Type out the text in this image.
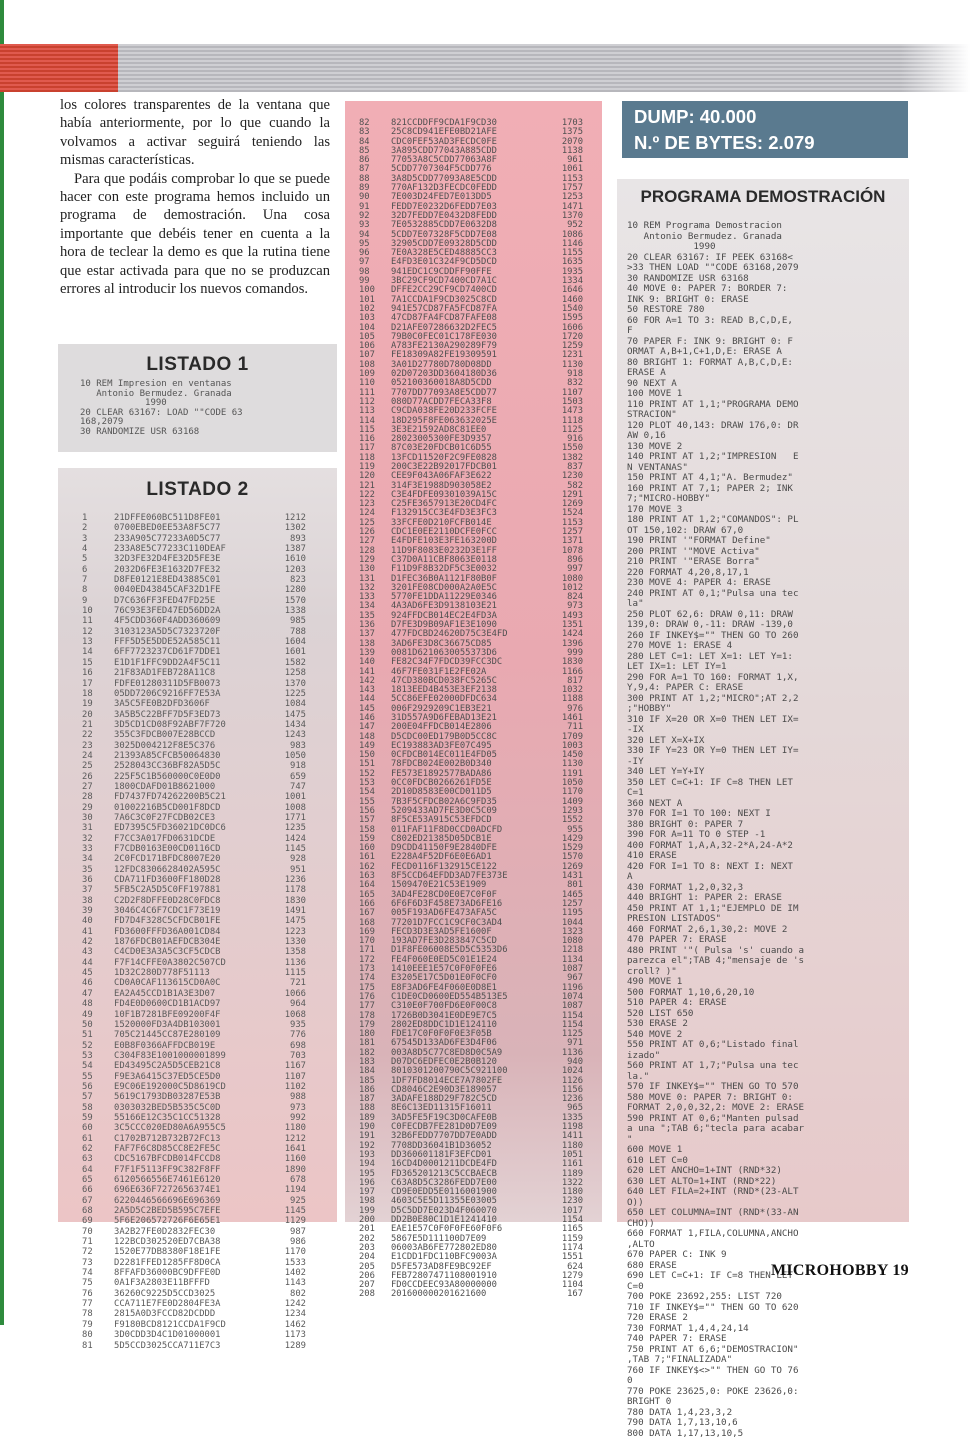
los colores transparentes de la ventana que había anteriormente, por lo que cuando la volvamos a activar seguirá teniendo las mismas características.

Para que podáis comprobar lo que se puede hacer con este programa hemos incluido un programa de demostración. Una cosa importante que debéis tener en cuenta a la hora de teclear la demo es que la rutina tiene que estar activada para que no se produzcan errores al introducir los nuevos comandos.

LISTADO 1
10 REM Impresion en ventanas
Antonio Bermudez. Granada
1990
20 CLEAR 63167: LOAD ""CODE 63
168,2079
30 RANDOMIZE USR 63168
LISTADO 2
1	21DFFE060BC511D8FE01	1212
2	0700EBED0EE53A8F5C77	1302
3	233A905C77233A0D5C77	893
4	233A8E5C77233C110DEAF	1387
5	32D3FE32D4FE32D5FE3E	1610
6	2032D6FE3E1632D7FE32	1203
7	D8FE0121E8ED43885C01	823
8	0040ED43845CAF32D1FE	1280
9	D7C636FF3FED47FD25E	1570
10	76C93E3FED47ED56DD2A	1338
11	4F5CDD360F4ADD360609	985
12	3103123A5D5C7323720F	788
13	FFF5D5E5DDE52A585C11	1604
14	6FF7723237CD61F7DDE1	1601
15	E1D1F1FFC9DD2A4F5C11	1582
16	21F83AD1FEB728A11C8	1258
17	FDFE01280311D5FB0073	1370
18	05DD7206C9216FF7E53A	1225
19	3A5C5FE0B2DFD3606F	1084
20	3A5B5C22BFF7D5F3ED73	1475
21	3D5CD1CD08F92ABF7F720	1434
22	355C3FDCB007E28BCCD	1243
23	3025D004212F8E5C376	983
24	21393A85CFCB50064830	1050
25	2528043CC36BF82A5D5C	918
26	225F5C1B560000C0E0D0	659
27	1800CDAFD01B8621000	747
28	FD7437FD74262200B5C21	1001
29	01002216B5CD001F8DCD	1008
30	7A6C3C0F27FCDB02CE3	1771
31	ED7395C5FD36021DC0DC6	1235
32	F7CC3A017FD0631DCDE	1424
33	F7CDB0163E00CD0116CD	1145
34	2C0FCD171BFDC8007E20	928
35	12FDC8306628402A595C	951
36	CDA711FD3600FF180D28	1236
37	5FB5C2A5D5C0FF197881	1178
38	C2D2F8DFFE0D28C0FDC8	1830
39	3046C4C6F7CDC1F73E19	1491
40	FD7D4F328C5CFDCB01FE	1475
41	FD3600FFFD36A001CD84	1223
42	1876FDCB01AEFDCB304E	1330
43	C4CD0E3A3A5C3CF5CDCB	1358
44	F7F14CFFE0A3802C507CD	1136
45	1D32C280D778F51113	1115
46	CD0A0CAF113615CD0A0C	721
47	EA2A45CCD1B1A3E3D07	1066
48	FD4E0D0600CD1B1ACD97	964
49	10F1B7281BFE09200F4F	1068
50	1520000FD3A4DB103001	935
51	705C21445CC87E280109	776
52	E0B8F0366AFFDCB019E	698
53	C304F83E1001000001899	703
54	ED43495C2A5D5CEB21C8	1167
55	F9E3A6415C37ED5CE5D0	1107
56	E9C06E192000C5D8619CD	1102
57	5619C1793DB03287E53B	988
58	0303032BED5B535C5C0D	973
59	55166E12C35C1CC51328	992
60	3C5CCC020ED80A6A955C5	1180
61	C1702B712B732B72FC13	1212
62	FAF7F6C8D85CC8E2FE5C	1641
63	CDC5167BFCDB014FCCD8	1160
64	F7F1F5113FF9C382F8FF	1890
65	6120566556E7461E6120	678
66	696E636F7272656374E1	1194
67	6220446566696E696369	925
68	2A5D5C2BED5B595C7EFE	1145
69	5F6E206572726F6E65E1	1129
70	3A2B27FE0D2832FEC30	987
71	122BCD302520ED7CBA38	986
72	1520E77DB8380F18E1FE	1170
73	D2281FFED1285FF8D0CA	1533
74	8FFAFD36000BC9DFFE0D	1402
75	0A1F3A2803E11BFFFD	1143
76	36260C9225D5CCD3025	802
77	CCA711E7FE0D2804FE3A	1242
78	2815A0D3FCCD82DCDDD	1234
79	F9180BCD8121CCDA1F9CD	1462
80	3D0CDD3D4C1D01000001	1173
81	5D5CCD3025CCA711E7C3	1289
82	821CCDDFF9CDA1F9CD30	1703
83	25C8CD941EFE0BD21AFE	1375
84	CDC0FEF53AD3FECDC0FE	2070
85	3A895CDD77043A885CDD	1138
86	77053A8C5CDD77063A8F	961
87	5CDD7707304F5CDD776	1061
88	3A8D5CDD77093A8E5CDD	1153
89	770AF132D3FECDC0FEDD	1757
90	7E003D24FED7E013DD5	1253
91	FEDD7E0232D6FEDD7E03	1471
92	32D7FEDD7E0432D8FEDD	1370
93	7E0532885CDD7E0632D8	952
94	5CDD7E07328F5CDD7E08	1086
95	32905CDD7E09328D5CDD	1146
96	7E0A328E5CED48885CC3	1155
97	E4FD3E01C324F9CD5DCD	1635
98	941EDC1C9CDDFF90FFE	1935
99	3BC29CF9CD7400CD7A1C	1334
100	DFFE2CC29CF9CD7400CD	1646
101	7A1CCDA1F9CD3025C8CD	1460
102	941E57CD87FA5FCD87FA	1540
103	47CD87FA4FCD87FAFE08	1595
104	D21AFE07286632D2FEC5	1606
105	79B0C0FEC01C178FE030	1720
106	A783FE2130A290289F79	1259
107	FE18309A82FE19309591	1231
108	3A01D27780D780D08DD	1130
109	02D07203DD3604180D36	918
110	052100360018A8D5CDD	832
111	7707DD77093A8E5CDD77	1107
112	080D77ACDD7FECA33F8	1503
113	C9CDA038FE20D233FCFE	1473
114	18D295F8FE063632025E	1118
115	3E3E21592AD8C81EE0	1125
116	28023005300FE3D9357	916
117	87C03E20FDCB01C6D55	1550
118	13FCD11520F2C9FE0828	1382
119	200C3E22B92017FDCB01	837
120	CEE9F043A06FAF3E622	1230
121	314F3E1988D903058E2	582
122	C3E4FDFE09301039A15C	1291
123	C25FE3657913E20CD4FC	1269
124	F132915CC3E4FD3E3FC3	1524
125	33FCFE0D210FCFB014E	1153
126	CDC1E0EE2110DCFE0FCC	1257
127	E4FDFE103E3FE163200D	1371
128	11D9F8083E0232D3E1FF	1078
129	C37D0A11CBF8063E0118	896
130	F11D9F8B32DF5C3E0032	997
131	D1FEC36B0A1121F80B0F	1080
132	3201FE08CD000A2A0E5C	1012
133	5770FE1DDA11229E0346	824
134	4A3AD6FE3D9138103E21	973
135	924FFDCB014EC2E4FD3A	1493
136	D7FE3D9B09AF1E3E1090	1351
137	477FDCBD24620D75C3E4FD	1424
138	3AD6FE3D8C36675CD85	1396
139	0081D6210630055373D6	999
140	FE82C34F7FDCD39FCC3DC	1830
141	46F7FE031F1E2FE02A	1166
142	47CD380BCD038FC5265C	817
143	1813EED4B453E3EF2138	1032
144	5CC86EFE02000DFDC634	1188
145	006F2929209C1EB3E21	976
146	31D557A9D6FEBAD13E21	1461
147	200E04FFDCB014E2806	711
148	D5CDC00ED179B0D5CC8C	1709
149	EC193883AD3FE07C495	1003
150	0CFDCB014EC011E4FD05	1450
151	78FDCB024E002B0D340	1130
152	FE573E1892577BADA86	1191
153	0CC0FDCB0266261FD5E	1050
154	2D10D8583E00CD011D5	1170
155	7B3F5CFDCB02A6C9FD35	1409
156	5209433AD7FE3D0C5C09	1293
157	8F5CE53A915C53EFDCD	1552
158	011FAF11F8D0CCD0ADCFD	955
159	C802ED21385D05DCB1E	1429
160	D9CDD41150F9E2840DFE	1529
161	E228A4F52DF6E0E6AD1	1570
162	FECD0116F132915CE122	1269
163	8F5CCD64EFDD3AD7FE373E	1431
164	1509470E21C53E1909	801
165	3AD4FE28CD0E0E7C0F0F	1465
166	6F6F6D3F458E73AD6FE16	1257
167	005F193AD6FE473AFA5C	1195
168	77201D7FCC1C9CF0C3AD4	1044
169	FECD3D3E3AD5FE1600F	1323
170	193AD7FE3D283847C5CD	1080
171	D1F8FE06008E5D5C5353D6	1218
172	FE4F060E0ED5C01E1E24	1134
173	1410EEE1E57C0F0F0FE6	1087
174	E3205E17C5D01E0F0CF0	967
175	E8F3AD6FE4F060E0D8E1	1196
176	C1DE0CD0600ED554B513E5	1074
177	C310E0F700FD6E0F00C8	1087
178	1726B0D3041E0DE9E7C5	1154
179	2802ED8DDC1D1E124110	1154
180	FDE17C0F0F0F0E3F05B	1125
181	67545D133AD6FE3D4F06	971
182	003A8D5C77C8ED8D0C5A9	1136
183	D07DC6EDFEC0E2B0B120	940
184	8010301200790C5C921100	1024
185	1DF7FD8014ECE7A7802FE	1126
186	CD8046C2E90D3E189057	1156
187	3ADAFE188D29F782C5CD	1236
188	8E6C13ED11315F16011	965
189	3AD5FE5F19C3D0CAFE0B	1335
190	C0FECDB7FE281D0D7E09	1198
191	32B6FEDD7707DD7E0ADD	1411
192	7708DD36041B1D36052	1180
193	DD360601181F3EFCD01	1051
194	16CD4D0001211DCDE4FD	1161
195	FD365201213C5CCBAECB	1189
196	C63A8D5C3286FEDD7E00	1322
197	CD9E0EDD5E0116001900	1180
198	4603C5E5D11355E03005	1230
199	D5C5DD7E023D4F060070	1017
200	DD2B0E80C1D1E1241410	1154
201	EAE1E57C0F0F0FE60F0F6	1165
202	5867E5D111100D7E09	1159
203	06003AB6FE772802ED80	1174
204	E1CDD1FDC110BFC9003A	1551
205	D5FE573AD8FE9BC92EF	624
206	FEB72807471108001910	1279
207	FD0CCDEEC93A80000000	1104
208	201600000201621600	167
DUMP: 40.000
N.º DE BYTES: 2.079
PROGRAMA DEMOSTRACIÓN
10 REM Programa Demostracion
Antonio Bermudez. Granada
1990
20 CLEAR 63167: IF PEEK 63168<
>33 THEN LOAD ""CODE 63168,2079
30 RANDOMIZE USR 63168
40 MOVE 0: PAPER 7: BORDER 7:
INK 9: BRIGHT 0: ERASE
50 RESTORE 780
60 FOR A=1 TO 3: READ B,C,D,E,
F
70 PAPER F: INK 9: BRIGHT 0: F
ORMAT A,B+1,C+1,D,E: ERASE A
80 BRIGHT 1: FORMAT A,B,C,D,E:
ERASE A
90 NEXT A
100 MOVE 1
110 PRINT AT 1,1;"PROGRAMA DEMO
STRACION"
120 PLOT 40,143: DRAW 176,0: DR
AW 0,16
130 MOVE 2
140 PRINT AT 1,2;"IMPRESION   E
N VENTANAS"
150 PRINT AT 4,1;"A. Bermudez"
160 PRINT AT 7,1; PAPER 2; INK
7;"MICRO-HOBBY"
170 MOVE 3
180 PRINT AT 1,2;"COMANDOS": PL
OT 150,102: DRAW 67,0
190 PRINT '"FORMAT Define"
200 PRINT '"MOVE Activa"
210 PRINT '"ERASE Borra"
220 FORMAT 4,20,8,17,1
230 MOVE 4: PAPER 4: ERASE
240 PRINT AT 0,1;"Pulsa una tec
la"
250 PLOT 62,6: DRAW 0,11: DRAW
139,0: DRAW 0,-11: DRAW -139,0
260 IF INKEY$="" THEN GO TO 260
270 MOVE 1: ERASE 4
280 LET C=1: LET X=1: LET Y=1:
LET IX=1: LET IY=1
290 FOR A=1 TO 160: FORMAT 1,X,
Y,9,4: PAPER C: ERASE
300 PRINT AT 1,2;"MICRO";AT 2,2
;"HOBBY"
310 IF X=20 OR X=0 THEN LET IX=
-IX
320 LET X=X+IX
330 IF Y=23 OR Y=0 THEN LET IY=
-IY
340 LET Y=Y+IY
350 LET C=C+1: IF C=8 THEN LET
C=1
360 NEXT A
370 FOR I=1 TO 100: NEXT I
380 BRIGHT 0: PAPER 7
390 FOR A=11 TO 0 STEP -1
400 FORMAT 1,A,A,32-2*A,24-A*2
410 ERASE
420 FOR I=1 TO 8: NEXT I: NEXT
A
430 FORMAT 1,2,0,32,3
440 BRIGHT 1: PAPER 2: ERASE
450 PRINT AT 1,1;"EJEMPLO DE IM
PRESION LISTADOS"
460 FORMAT 2,6,1,30,2: MOVE 2
470 PAPER 7: ERASE
480 PRINT '"( Pulsa 's' cuando a
parezca el";TAB 4;"mensaje de 's
croll? )"
490 MOVE 1
500 FORMAT 1,10,6,20,10
510 PAPER 4: ERASE
520 LIST 650
530 ERASE 2
540 MOVE 2
550 PRINT AT 0,6;"Listado final
izado"
560 PRINT AT 1,7;"Pulsa una tec
la."
570 IF INKEY$="" THEN GO TO 570
580 MOVE 0: PAPER 7: BRIGHT 0:
FORMAT 2,0,0,32,2: MOVE 2: ERASE
590 PRINT AT 0,6;"Manten pulsad
a una ";TAB 6;"tecla para acabar
"
600 MOVE 1
610 LET C=0
620 LET ANCHO=1+INT (RND*32)
630 LET ALTO=1+INT (RND*22)
640 LET FILA=2+INT (RND*(23-ALT
O))
650 LET COLUMNA=INT (RND*(33-AN
CHO))
660 FORMAT 1,FILA,COLUMNA,ANCHO
,ALTO
670 PAPER C: INK 9
680 ERASE
690 LET C=C+1: IF C=8 THEN LET
C=0
700 POKE 23692,255: LIST 720
710 IF INKEY$="" THEN GO TO 620
720 ERASE 2
730 FORMAT 1,4,4,24,14
740 PAPER 7: ERASE
750 PRINT AT 6,6;"DEMOSTRACION"
,TAB 7;"FINALIZADA"
760 IF INKEY$<>"" THEN GO TO 76
0
770 POKE 23625,0: POKE 23626,0:
BRIGHT 0
780 DATA 1,4,23,3,2
790 DATA 1,7,13,10,6
800 DATA 1,17,13,10,5
MICROHOBBY 19
